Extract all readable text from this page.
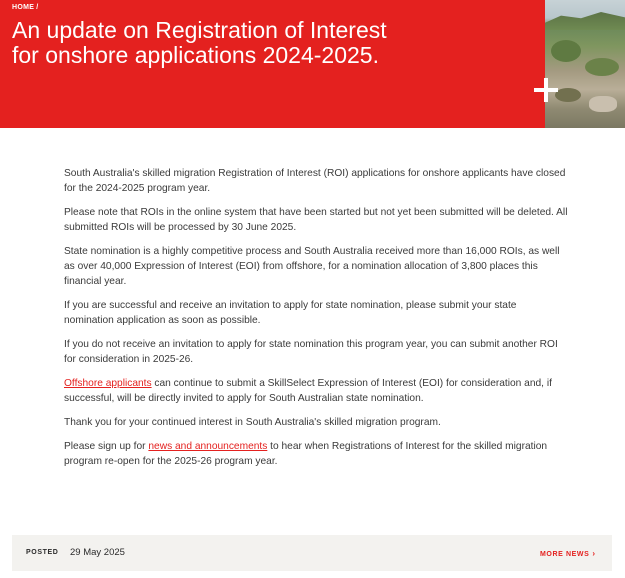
HOME /
An update on Registration of Interest for onshore applications 2024-2025.

South Australia's skilled migration Registration of Interest (ROI) applications for onshore applicants have closed for the 2024-2025 program year.

Please note that ROIs in the online system that have been started but not yet been submitted will be deleted. All submitted ROIs will be processed by 30 June 2025.

State nomination is a highly competitive process and South Australia received more than 16,000 ROIs, as well as over 40,000 Expression of Interest (EOI) from offshore, for a nomination allocation of 3,800 places this financial year.

If you are successful and receive an invitation to apply for state nomination, please submit your state nomination application as soon as possible.

If you do not receive an invitation to apply for state nomination this program year, you can submit another ROI for consideration in 2025-26.

Offshore applicants can continue to submit a SkillSelect Expression of Interest (EOI) for consideration and, if successful, will be directly invited to apply for South Australian state nomination.

Thank you for your continued interest in South Australia's skilled migration program.

Please sign up for news and announcements to hear when Registrations of Interest for the skilled migration program re-open for the 2025-26 program year.

POSTED 29 May 2025	MORE NEWS ›
